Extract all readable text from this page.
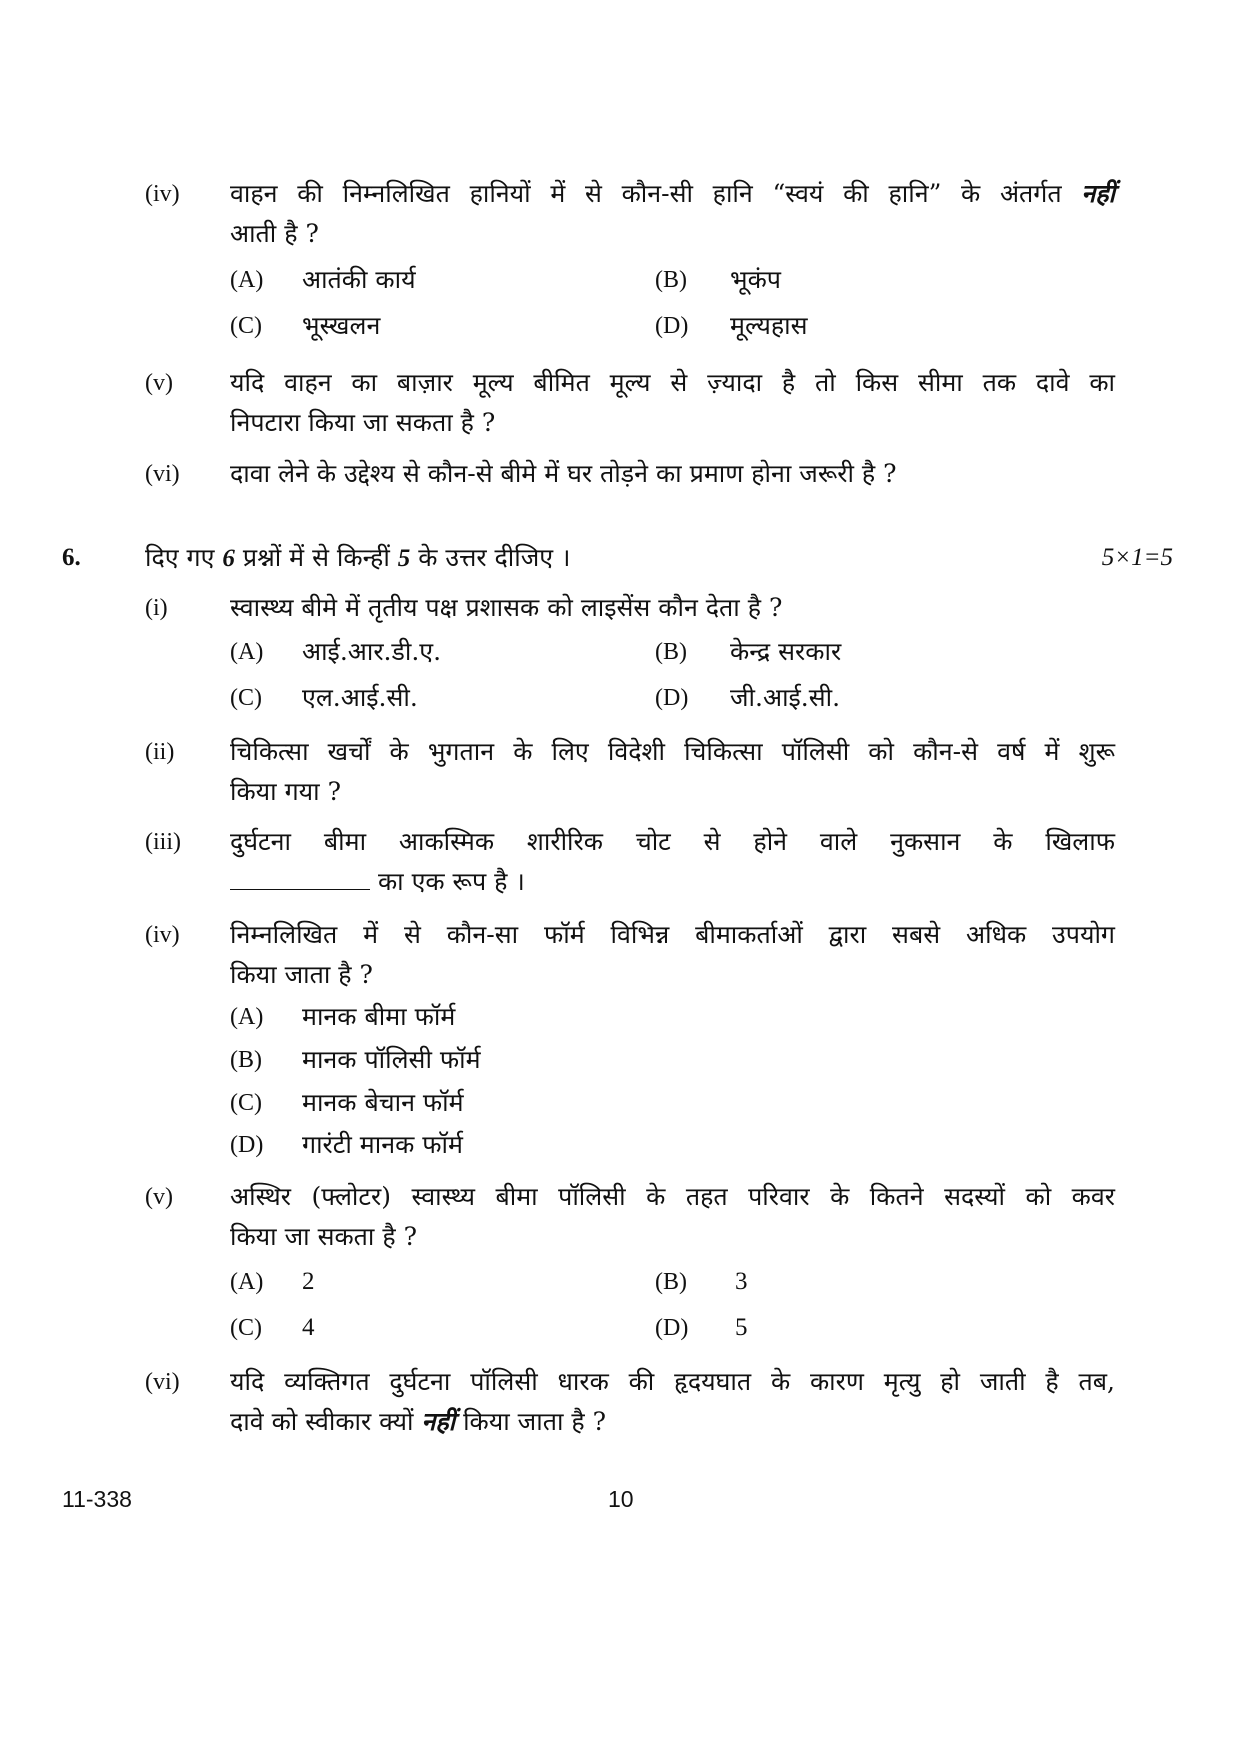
(iv) वाहन की निम्नलिखित हानियों में से कौन-सी हानि “स्वयं की हानि” के अंतर्गत नहीं
आती है ?
(A) आतंकी कार्य	(B) भूकंप
(C) भूस्खलन	(D) मूल्यहास
(v) यदि वाहन का बाज़ार मूल्य बीमित मूल्य से ज़्यादा है तो किस सीमा तक दावे का
निपटारा किया जा सकता है ?
(vi) दावा लेने के उद्देश्य से कौन-से बीमे में घर तोड़ने का प्रमाण होना जरूरी है ?
6.	दिए गए 6 प्रश्नों में से किन्हीं 5 के उत्तर दीजिए ।	5×1=5
(i) स्वास्थ्य बीमे में तृतीय पक्ष प्रशासक को लाइसेंस कौन देता है ?
(A) आई.आर.डी.ए.	(B) केन्द्र सरकार
(C) एल.आई.सी.	(D) जी.आई.सी.
(ii) चिकित्सा खर्चों के भुगतान के लिए विदेशी चिकित्सा पॉलिसी को कौन-से वर्ष में शुरू
किया गया ?
(iii) दुर्घटना बीमा आकस्मिक शारीरिक चोट से होने वाले नुकसान के खिलाफ
का एक रूप है ।
(iv) निम्नलिखित में से कौन-सा फॉर्म विभिन्न बीमाकर्ताओं द्वारा सबसे अधिक उपयोग
किया जाता है ?
(A) मानक बीमा फॉर्म
(B) मानक पॉलिसी फॉर्म
(C) मानक बेचान फॉर्म
(D) गारंटी मानक फॉर्म
(v) अस्थिर (फ्लोटर) स्वास्थ्य बीमा पॉलिसी के तहत परिवार के कितने सदस्यों को कवर
किया जा सकता है ?
(A) 2	(B) 3
(C) 4	(D) 5
(vi) यदि व्यक्तिगत दुर्घटना पॉलिसी धारक की हृदयघात के कारण मृत्यु हो जाती है तब,
दावे को स्वीकार क्यों नहीं किया जाता है ?
11-338	10
